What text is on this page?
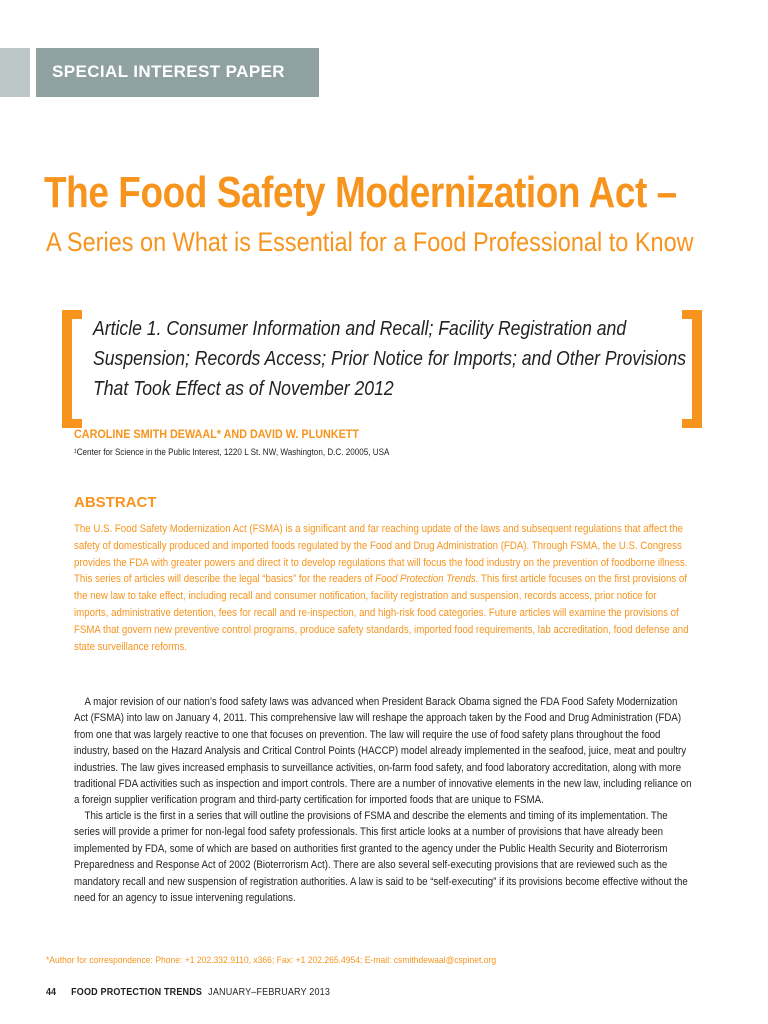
SPECIAL INTEREST PAPER
The Food Safety Modernization Act –
A Series on What is Essential for a Food Professional to Know

Article 1. Consumer Information and Recall; Facility Registration and

Suspension; Records Access; Prior Notice for Imports; and Other Provisions

That Took Effect as of November 2012

CAROLINE SMITH DEWAAL* AND DAVID W. PLUNKETT
¹Center for Science in the Public Interest, 1220 L St. NW, Washington, D.C. 20005, USA
ABSTRACT

The U.S. Food Safety Modernization Act (FSMA) is a significant and far reaching update of the laws and subsequent regulations that affect the safety of domestically produced and imported foods regulated by the Food and Drug Administration (FDA). Through FSMA, the U.S. Congress provides the FDA with greater powers and direct it to develop regulations that will focus the food industry on the prevention of foodborne illness. This series of articles will describe the legal “basics” for the readers of Food Protection Trends. This first article focuses on the first provisions of the new law to take effect, including recall and consumer notification, facility registration and suspension, records access, prior notice for imports, administrative detention, fees for recall and re-inspection, and high-risk food categories. Future articles will examine the provisions of FSMA that govern new preventive control programs, produce safety standards, imported food requirements, lab accreditation, food defense and state surveillance reforms.

A major revision of our nation’s food safety laws was advanced when President Barack Obama signed the FDA Food Safety Modernization Act (FSMA) into law on January 4, 2011. This comprehensive law will reshape the approach taken by the Food and Drug Administration (FDA) from one that was largely reactive to one that focuses on prevention. The law will require the use of food safety plans throughout the food industry, based on the Hazard Analysis and Critical Control Points (HACCP) model already implemented in the seafood, juice, meat and poultry industries. The law gives increased emphasis to surveillance activities, on-farm food safety, and food laboratory accreditation, along with more traditional FDA activities such as inspection and import controls. There are a number of innovative elements in the new law, including reliance on a foreign supplier verification program and third-party certification for imported foods that are unique to FSMA.

This article is the first in a series that will outline the provisions of FSMA and describe the elements and timing of its implementation. The series will provide a primer for non-legal food safety professionals. This first article looks at a number of provisions that have already been implemented by FDA, some of which are based on authorities first granted to the agency under the Public Health Security and Bioterrorism Preparedness and Response Act of 2002 (Bioterrorism Act). There are also several self-executing provisions that are reviewed such as the mandatory recall and new suspension of registration authorities. A law is said to be “self-executing” if its provisions become effective without the need for an agency to issue intervening regulations.

*Author for correspondence: Phone: +1 202.332.9110, x366; Fax: +1 202.265.4954; E-mail: csmithdewaal@cspinet.org
44 FOOD PROTECTION TRENDS JANUARY–FEBRUARY 2013
